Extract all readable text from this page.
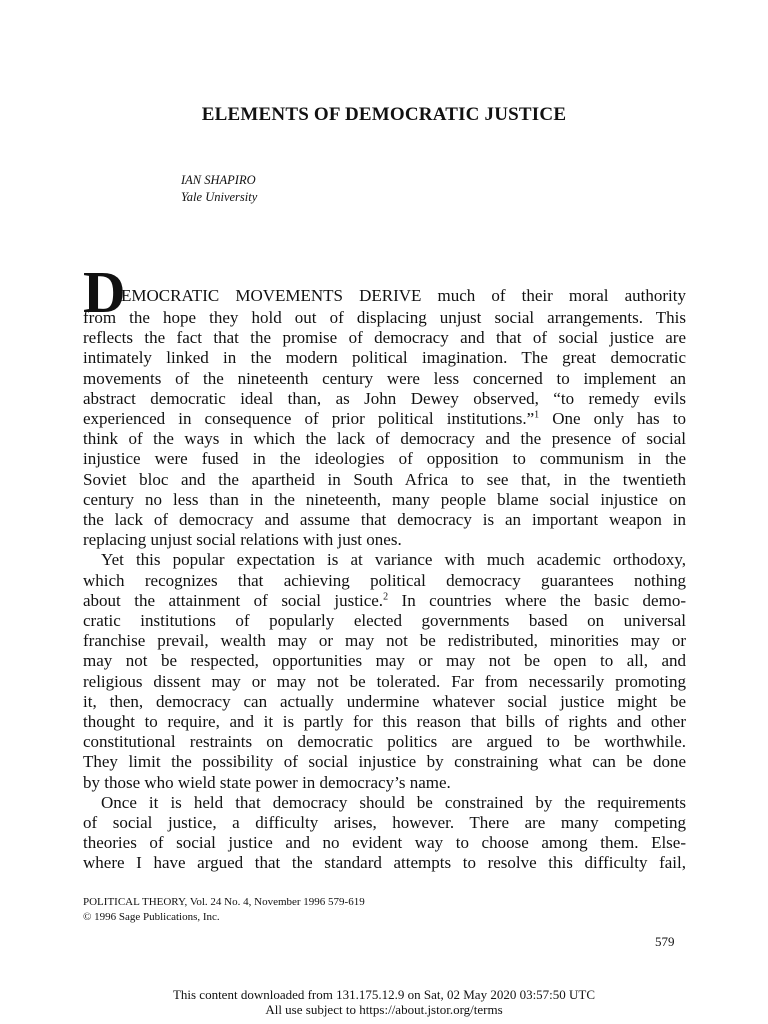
ELEMENTS OF DEMOCRATIC JUSTICE
IAN SHAPIRO
Yale University
D
EMOCRATIC MOVEMENTS DERIVE much of their moral authority
from the hope they hold out of displacing unjust social arrangements. This
reflects the fact that the promise of democracy and that of social justice are
intimately linked in the modern political imagination. The great democratic
movements of the nineteenth century were less concerned to implement an
abstract democratic ideal than, as John Dewey observed, “to remedy evils
experienced in consequence of prior political institutions.”$^1$ One only has to
think of the ways in which the lack of democracy and the presence of social
injustice were fused in the ideologies of opposition to communism in the
Soviet bloc and the apartheid in South Africa to see that, in the twentieth
century no less than in the nineteenth, many people blame social injustice on
the lack of democracy and assume that democracy is an important weapon in
replacing unjust social relations with just ones.
Yet this popular expectation is at variance with much academic orthodoxy,
which recognizes that achieving political democracy guarantees nothing
about the attainment of social justice.$^2$ In countries where the basic demo-
cratic institutions of popularly elected governments based on universal
franchise prevail, wealth may or may not be redistributed, minorities may or
may not be respected, opportunities may or may not be open to all, and
religious dissent may or may not be tolerated. Far from necessarily promoting
it, then, democracy can actually undermine whatever social justice might be
thought to require, and it is partly for this reason that bills of rights and other
constitutional restraints on democratic politics are argued to be worthwhile.
They limit the possibility of social injustice by constraining what can be done
by those who wield state power in democracy’s name.
Once it is held that democracy should be constrained by the requirements
of social justice, a difficulty arises, however. There are many competing
theories of social justice and no evident way to choose among them. Else-
where I have argued that the standard attempts to resolve this difficulty fail,
POLITICAL THEORY, Vol. 24 No. 4, November 1996 579-619
© 1996 Sage Publications, Inc.
579
This content downloaded from 131.175.12.9 on Sat, 02 May 2020 03:57:50 UTC
All use subject to https://about.jstor.org/terms
